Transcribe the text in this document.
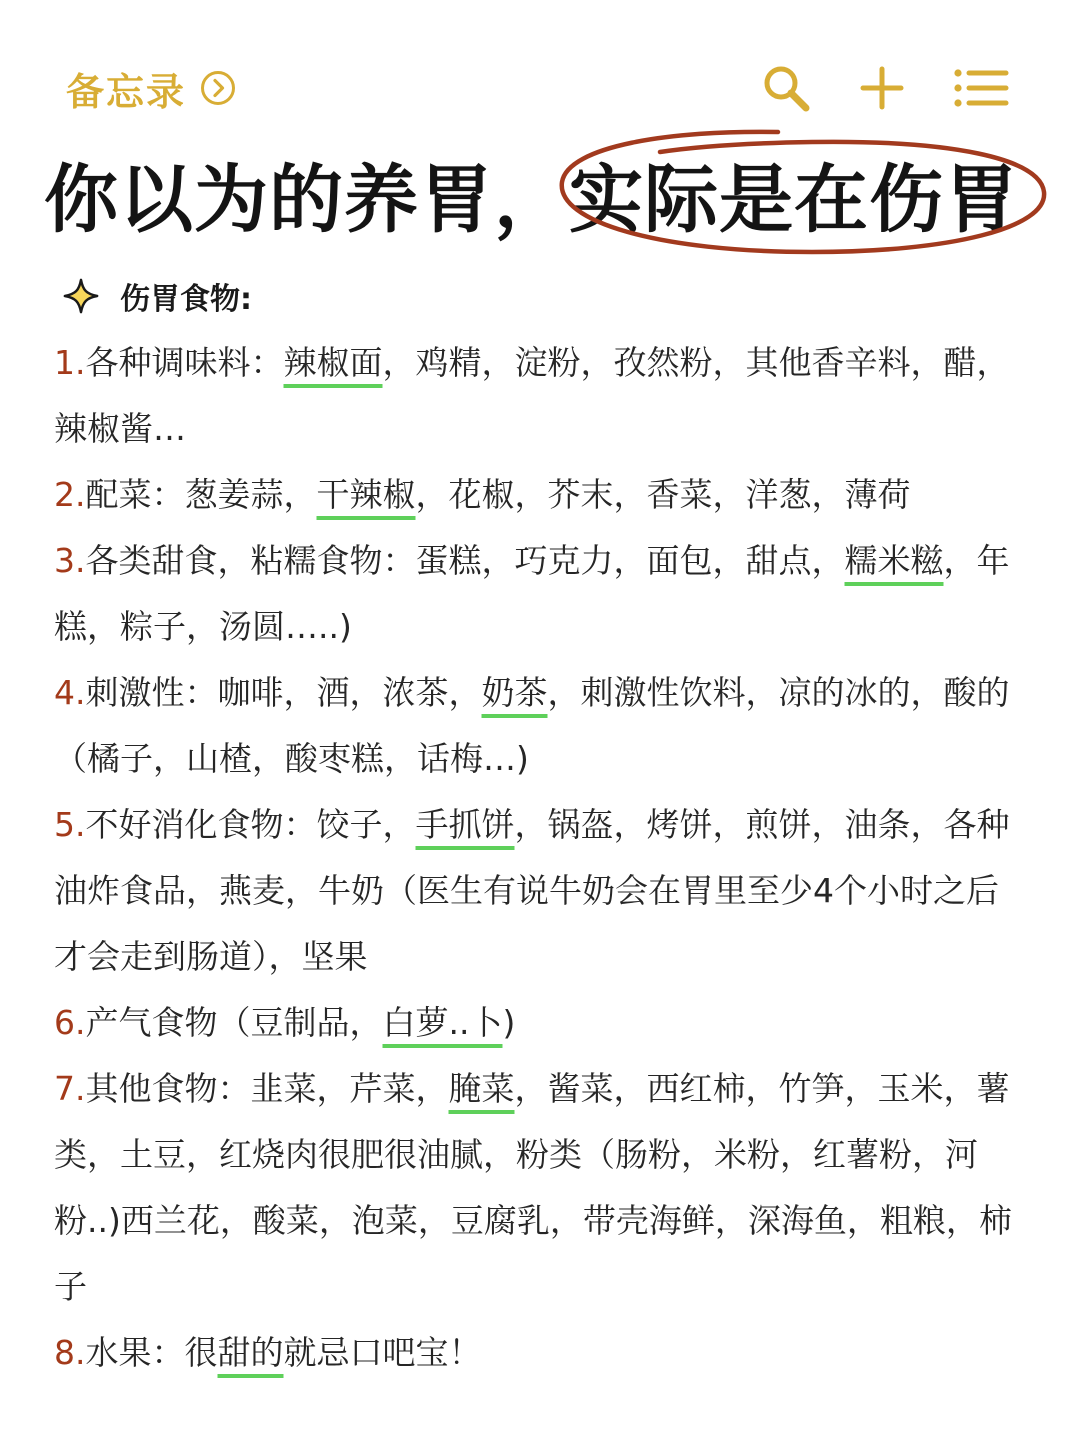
备忘录
你以为的养胃，实际是在伤胃
伤胃食物:

1.各种调味料：辣椒面，鸡精，淀粉，孜然粉，其他香辛料，醋，辣椒酱…

2.配菜：葱姜蒜，干辣椒，花椒，芥末，香菜，洋葱，薄荷

3.各类甜食，粘糯食物：蛋糕，巧克力，面包，甜点，糯米糍，年糕，粽子，汤圆…..)

4.刺激性：咖啡，酒，浓茶，奶茶，刺激性饮料，凉的冰的，酸的（橘子，山楂，酸枣糕，话梅…)

5.不好消化食物：饺子，手抓饼，锅盔，烤饼，煎饼，油条，各种油炸食品，燕麦，牛奶（医生有说牛奶会在胃里至少4个小时之后才会走到肠道），坚果

6.产气食物（豆制品，白萝..卜)

7.其他食物：韭菜，芹菜，腌菜，酱菜，西红柿，竹笋，玉米，薯类，土豆，红烧肉很肥很油腻，粉类（肠粉，米粉，红薯粉，河粉..)西兰花，酸菜，泡菜，豆腐乳，带壳海鲜，深海鱼，粗粮，柿子

8.水果：很甜的就忌口吧宝！
